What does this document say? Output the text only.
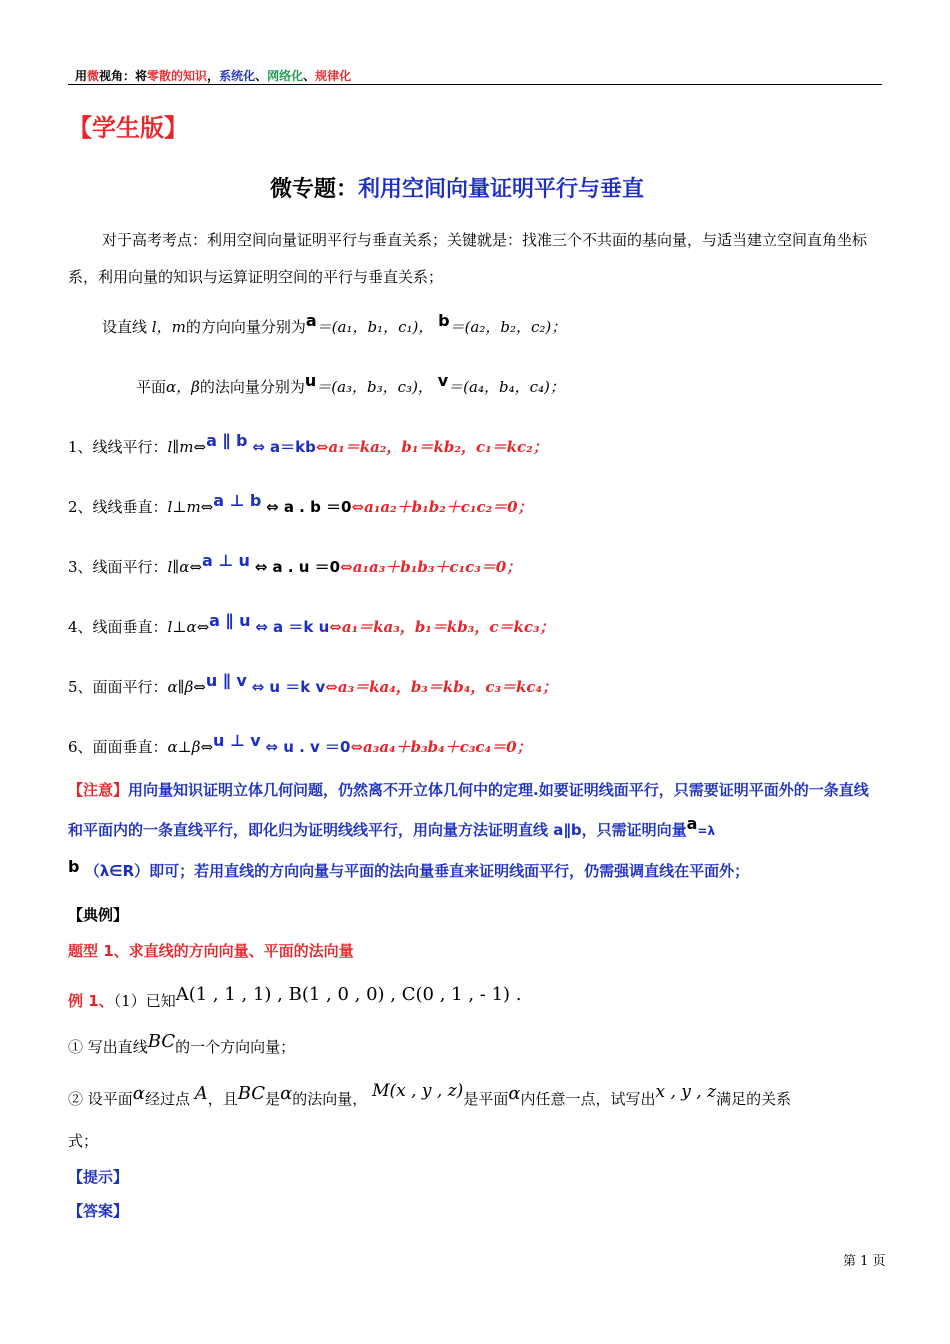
用微视角：将零散的知识，系统化、网络化、规律化
【学生版】
微专题：利用空间向量证明平行与垂直
对于高考考点：利用空间向量证明平行与垂直关系；关键就是：找准三个不共面的基向量，与适当建立空间直角坐标系，利用向量的知识与运算证明空间的平行与垂直关系；
设直线 l，m的方向向量分别为a＝(a₁，b₁，c₁)， b＝(a₂，b₂，c₂)；
平面α，β的法向量分别为u＝(a₃，b₃，c₃)， v＝(a₄，b₄，c₄)；
1、线线平行：l∥m⇔a ∥ b ⇔ a＝kb⇔a₁＝ka₂，b₁＝kb₂，c₁＝kc₂；
2、线线垂直：l⊥m⇔a ⊥ b ⇔ a . b ＝0⇔a₁a₂＋b₁b₂＋c₁c₂＝0；
3、线面平行：l∥α⇔a ⊥ u ⇔ a . u ＝0⇔a₁a₃＋b₁b₃＋c₁c₃＝0；
4、线面垂直：l⊥α⇔a ∥ u ⇔ a ＝k u⇔a₁＝ka₃，b₁＝kb₃，c＝kc₃；
5、面面平行：α∥β⇔u ∥ v ⇔ u ＝k v⇔a₃＝ka₄，b₃＝kb₄，c₃＝kc₄；
6、面面垂直：α⊥β⇔u ⊥ v ⇔ u . v ＝0⇔a₃a₄＋b₃b₄＋c₃c₄＝0；
【注意】用向量知识证明立体几何问题，仍然离不开立体几何中的定理.如要证明线面平行，只需要证明平面外的一条直线和平面内的一条直线平行，即化归为证明线线平行，用向量方法证明直线 a∥b，只需证明向量a=λ
b （λ∈R）即可；若用直线的方向向量与平面的法向量垂直来证明线面平行，仍需强调直线在平面外；
【典例】
题型 1、求直线的方向向量、平面的法向量
例 1、（1）已知A(1 , 1 , 1) , B(1 , 0 , 0) , C(0 , 1 , - 1) .
① 写出直线BC的一个方向向量；
② 设平面α经过点 A，且BC是α的法向量， M(x , y , z)是平面α内任意一点，试写出x , y , z满足的关系
式；
【提示】
【答案】
第 1 页
